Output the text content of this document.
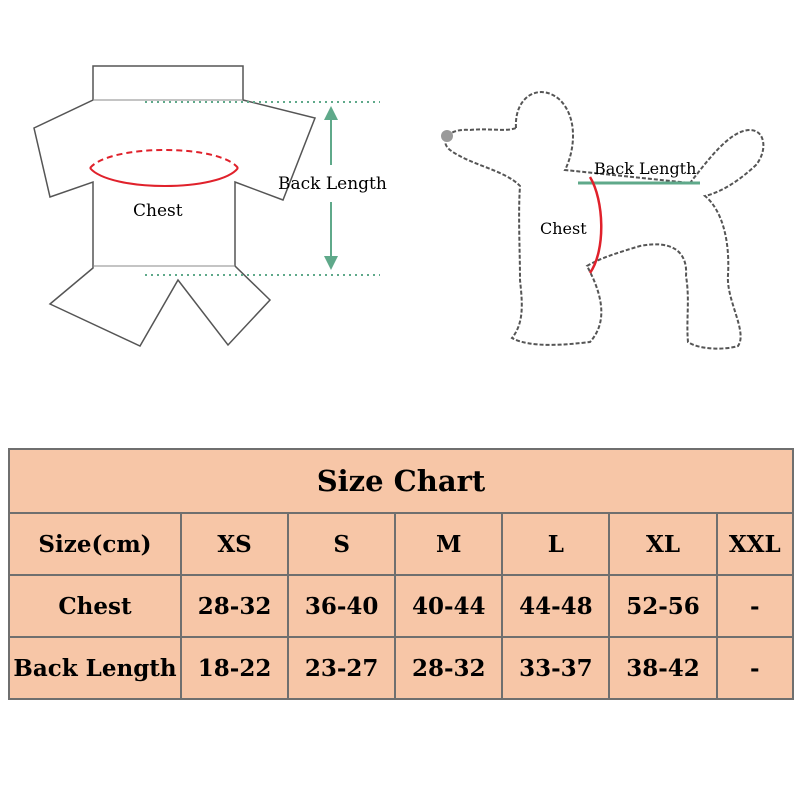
Chest
Back Length
Back Length
Chest
Size Chart						
Size(cm)	XS	S	M	L	XL	XXL
Chest	28-32	36-40	40-44	44-48	52-56	-
Back Length	18-22	23-27	28-32	33-37	38-42	-
